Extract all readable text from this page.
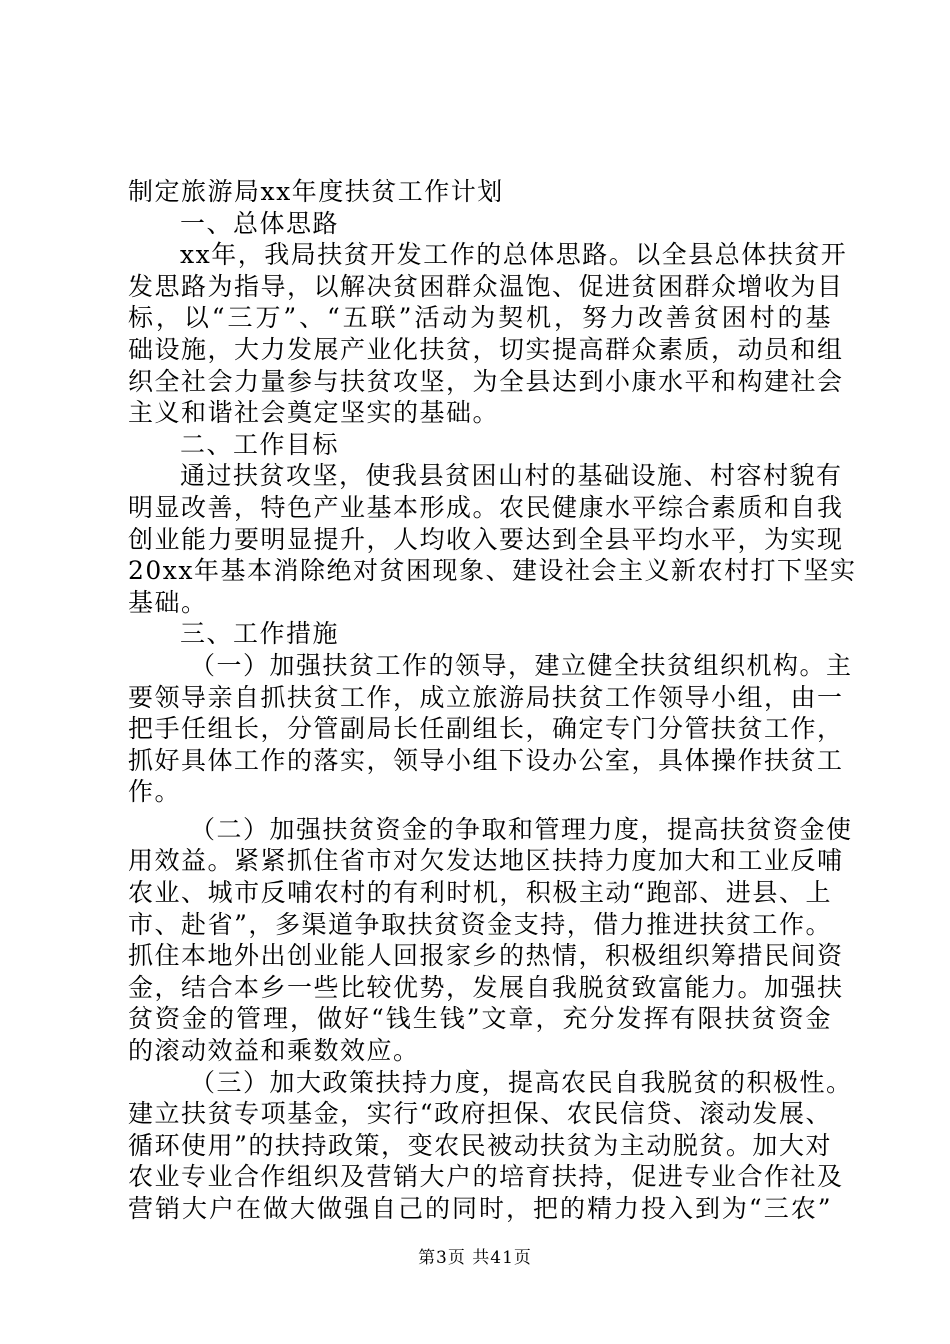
制定旅游局xx年度扶贫工作计划
一、总体思路
xx年，我局扶贫开发工作的总体思路。以全县总体扶贫开
发思路为指导，以解决贫困群众温饱、促进贫困群众增收为目
标，以“三万”、“五联”活动为契机，努力改善贫困村的基
础设施，大力发展产业化扶贫，切实提高群众素质，动员和组
织全社会力量参与扶贫攻坚，为全县达到小康水平和构建社会
主义和谐社会奠定坚实的基础。
二、工作目标
通过扶贫攻坚，使我县贫困山村的基础设施、村容村貌有
明显改善，特色产业基本形成。农民健康水平综合素质和自我
创业能力要明显提升，人均收入要达到全县平均水平，为实现
20xx年基本消除绝对贫困现象、建设社会主义新农村打下坚实
基础。
三、工作措施
（一）加强扶贫工作的领导，建立健全扶贫组织机构。主
要领导亲自抓扶贫工作，成立旅游局扶贫工作领导小组，由一
把手任组长，分管副局长任副组长，确定专门分管扶贫工作，
抓好具体工作的落实，领导小组下设办公室，具体操作扶贫工
作。
（二）加强扶贫资金的争取和管理力度，提高扶贫资金使
用效益。紧紧抓住省市对欠发达地区扶持力度加大和工业反哺
农业、城市反哺农村的有利时机，积极主动“跑部、进县、上
市、赴省”，多渠道争取扶贫资金支持，借力推进扶贫工作。
抓住本地外出创业能人回报家乡的热情，积极组织筹措民间资
金，结合本乡一些比较优势，发展自我脱贫致富能力。加强扶
贫资金的管理，做好“钱生钱”文章，充分发挥有限扶贫资金
的滚动效益和乘数效应。
（三）加大政策扶持力度，提高农民自我脱贫的积极性。
建立扶贫专项基金，实行“政府担保、农民信贷、滚动发展、
循环使用”的扶持政策，变农民被动扶贫为主动脱贫。加大对
农业专业合作组织及营销大户的培育扶持，促进专业合作社及
营销大户在做大做强自己的同时，把的精力投入到为“三农”
第3页 共41页
